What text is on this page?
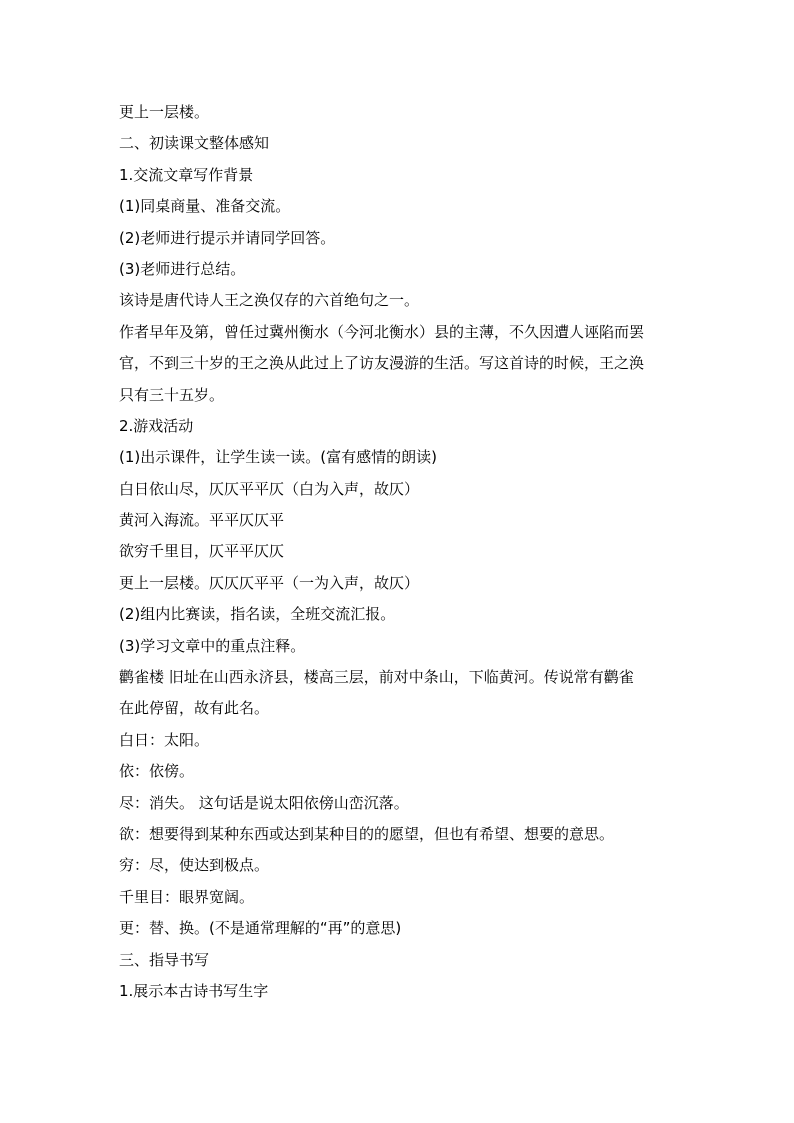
更上一层楼。

二、初读课文整体感知

1.交流文章写作背景

(1)同桌商量、准备交流。

(2)老师进行提示并请同学回答。

(3)老师进行总结。

该诗是唐代诗人王之涣仅存的六首绝句之一。

作者早年及第，曾任过冀州衡水（今河北衡水）县的主薄，不久因遭人诬陷而罢

官，不到三十岁的王之涣从此过上了访友漫游的生活。写这首诗的时候，王之涣

只有三十五岁。

2.游戏活动

(1)出示课件，让学生读一读。(富有感情的朗读)

白日依山尽，仄仄平平仄（白为入声，故仄）

黄河入海流。平平仄仄平

欲穷千里目，仄平平仄仄

更上一层楼。仄仄仄平平（一为入声，故仄）

(2)组内比赛读，指名读，全班交流汇报。

(3)学习文章中的重点注释。

鹳雀楼 旧址在山西永济县，楼高三层，前对中条山，下临黄河。传说常有鹳雀

在此停留，故有此名。

白日：太阳。

依：依傍。

尽：消失。 这句话是说太阳依傍山峦沉落。

欲：想要得到某种东西或达到某种目的的愿望，但也有希望、想要的意思。

穷：尽，使达到极点。

千里目：眼界宽阔。

更：替、换。(不是通常理解的“再”的意思)

三、指导书写

1.展示本古诗书写生字
